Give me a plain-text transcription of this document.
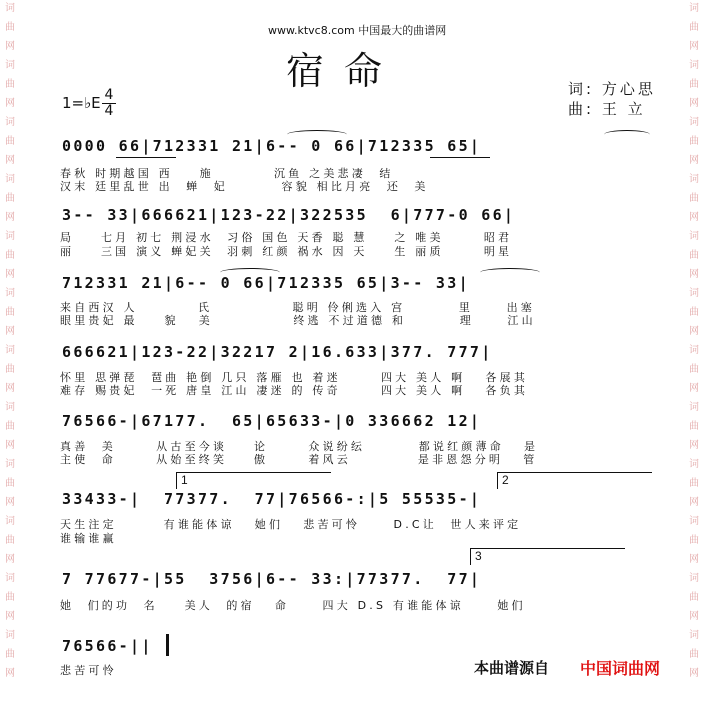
词
曲
网
词
曲
网
词
曲
网
词
曲
网
词
曲
网
词
曲
网
词
曲
网
词
曲
网
词
曲
网
词
曲
网
词
曲
网
词
曲
网
词
曲
网
词
曲
网
词
曲
网
词
曲
网
词
曲
网
词
曲
网
词
曲
网
词
曲
网
词
曲
网
词
曲
网
词
曲
网
词
曲
网
www.ktvc8.com 中国最大的曲谱网
宿命
1=♭E 4
4
词: 方心思
曲: 王 立
0000 66|712331 21|6-- 0 66|712335 65|
春秋 时期越国 西    施         沉鱼 之美悲凄  结
汉末 廷里乱世 出  蝉  妃        容貌 相比月亮  还  美
3-- 33|666621|123-22|322535  6|777-0 66|
局    七月 初七 荆浸水  习俗 国色 天香 聪 慧    之 唯美      昭君
丽    三国 演义 蝉妃关  羽刺 红颜 祸水 因 天    生 丽质      明星
712331 21|6-- 0 66|712335 65|3-- 33|
来自西汉 人         氏            聪明 伶俐选入 宫        里     出塞
眼里贵妃 最    貌   美            终逃 不过道德 和        理     江山
666621|123-22|32217 2|16.633|377. 777|
怀里 思弹琵  琶曲 艳倒 几只 落雁 也 着迷      四大 美人 啊   各展其
难存 赐贵妃  一死 唐皇 江山 凄迷 的 传奇      四大 美人 啊   各负其
76566-|67177.  65|65633-|0 336662 12|
真善  美      从古至今谈    论      众说纷纭        都说红颜薄命   是
主使  命      从始至终笑    傲      着风云          是非恩怨分明   管
1	2
33433-|  77377.  77|76566-:|5 55535-|
天生注定       有谁能体谅   她们   悲苦可怜     D.C让  世人来评定
谁输谁赢
3
7 77677-|55  3756|6-- 33:|77377.  77|
她  们的功  名    美人  的宿   命     四大 D.S 有谁能体谅     她们
76566-||
悲苦可怜	本曲谱源自 中国词曲网
